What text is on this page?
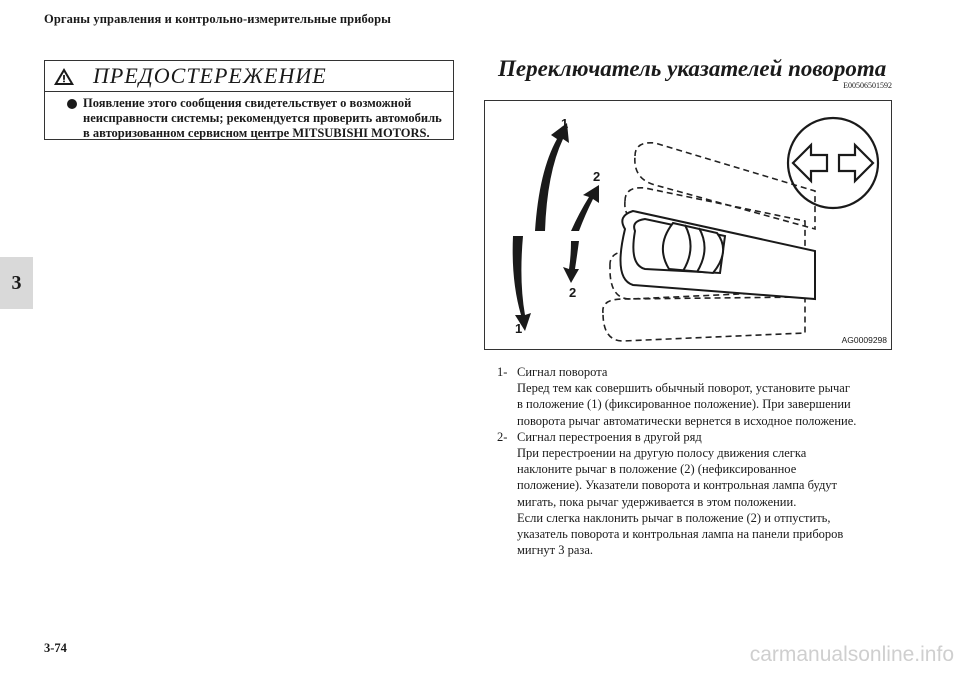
Органы управления и контрольно-измерительные приборы
3
ПРЕДОСТЕРЕЖЕНИЕ
Появление этого сообщения свидетельствует о возможной
неисправности системы; рекомендуется проверить автомобиль
в авторизованном сервисном центре MITSUBISHI MOTORS.
Переключатель указателей поворота
E00506501592
1
2
2
1
AG0009298
1- Сигнал поворота
Перед тем как совершить обычный поворот, установите рычаг
в положение (1) (фиксированное положение). При завершении
поворота рычаг автоматически вернется в исходное положение.
2- Сигнал перестроения в другой ряд
При перестроении на другую полосу движения слегка
наклоните рычаг в положение (2) (нефиксированное
положение). Указатели поворота и контрольная лампа будут
мигать, пока рычаг удерживается в этом положении.
Если слегка наклонить рычаг в положение (2) и отпустить,
указатель поворота и контрольная лампа на панели приборов
мигнут 3 раза.
3-74	carmanualsonline.info
